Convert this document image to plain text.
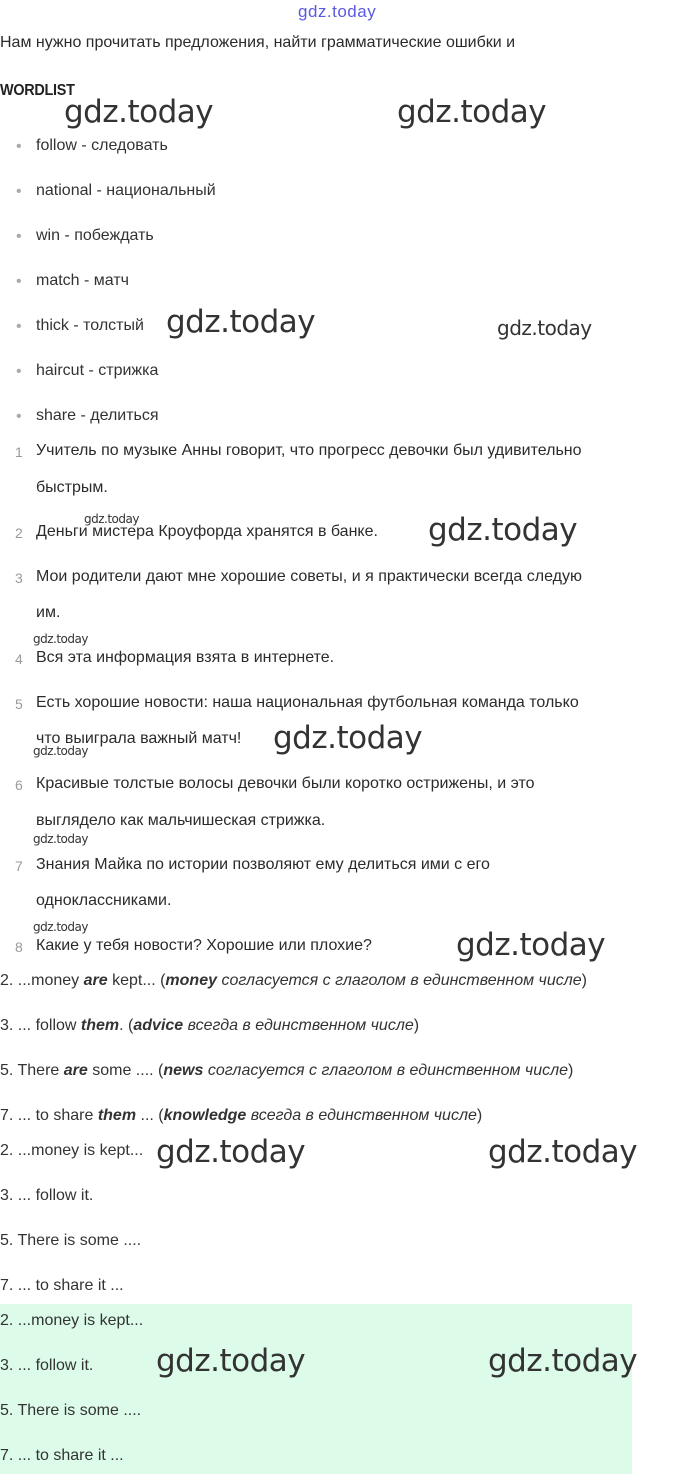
gdz.today
Нам нужно прочитать предложения, найти грамматические ошибки и
WORDLIST
• follow - следовать
• national - национальный
• win - побеждать
• match - матч
• thick - толстый
• haircut - стрижка
• share - делиться
1 Учитель по музыке Анны говорит, что прогресс девочки был удивительно
быстрым.
2 Деньги мистера Кроуфорда хранятся в банке.
3 Мои родители дают мне хорошие советы, и я практически всегда следую
им.
4 Вся эта информация взята в интернете.
5 Есть хорошие новости: наша национальная футбольная команда только
что выиграла важный матч!
6 Красивые толстые волосы девочки были коротко острижены, и это
выглядело как мальчишеская стрижка.
7 Знания Майка по истории позволяют ему делиться ими с его
одноклассниками.
8 Какие у тебя новости? Хорошие или плохие?
2. ...money are kept... (money согласуется с глаголом в единственном числе)
3. ... follow them. (advice всегда в единственном числе)
5. There are some .... (news согласуется с глаголом в единственном числе)
7. ... to share them ... (knowledge всегда в единственном числе)
2. ...money is kept...
3. ... follow it.
5. There is some ....
7. ... to share it ...
2. ...money is kept...
3. ... follow it.
5. There is some ....
7. ... to share it ...
gdz.today	gdz.today
gdz.today	gdz.today
gdz.today	gdz.today
gdz.today
gdz.today	gdz.today
gdz.today
gdz.today	gdz.today
gdz.today	gdz.today
gdz.today	gdz.today
